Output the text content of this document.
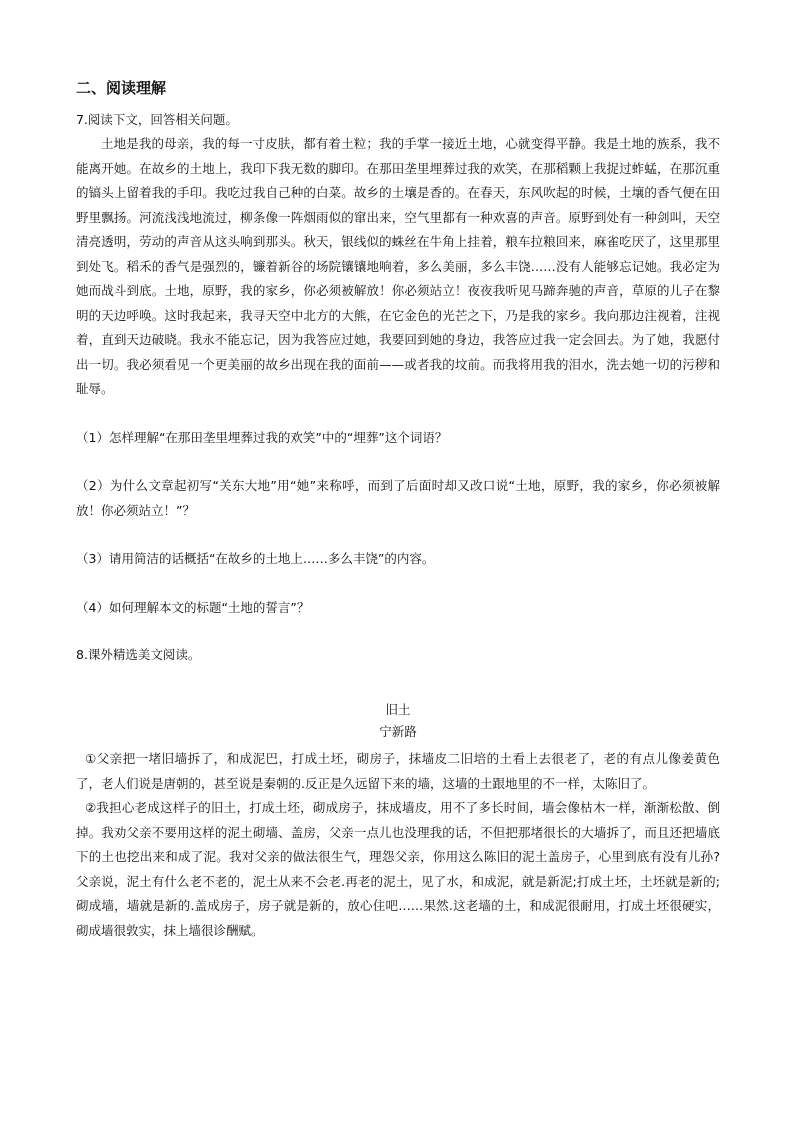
二、阅读理解
7.阅读下文，回答相关问题。

土地是我的母亲，我的每一寸皮肤，都有着土粒；我的手掌一接近土地，心就变得平静。我是土地的族系，我不能离开她。在故乡的土地上，我印下我无数的脚印。在那田垄里埋葬过我的欢笑，在那稻颗上我捉过蚱蜢，在那沉重的镐头上留着我的手印。我吃过我自己种的白菜。故乡的土壤是香的。在春天，东风吹起的时候，土壤的香气便在田野里飘扬。河流浅浅地流过，柳条像一阵烟雨似的窜出来，空气里都有一种欢喜的声音。原野到处有一种剑叫，天空清亮透明，劳动的声音从这头响到那头。秋天，银线似的蛛丝在牛角上挂着，粮车拉粮回来，麻雀吃厌了，这里那里到处飞。稻禾的香气是强烈的，镰着新谷的场院镶镶地响着，多么美丽，多么丰饶……没有人能够忘记她。我必定为她而战斗到底。土地，原野，我的家乡，你必须被解放！你必须站立！夜夜我听见马蹄奔驰的声音，草原的儿子在黎明的天边呼唤。这时我起来，我寻天空中北方的大熊，在它金色的光芒之下，乃是我的家乡。我向那边注视着，注视着，直到天边破晓。我永不能忘记，因为我答应过她，我要回到她的身边，我答应过我一定会回去。为了她，我愿付出一切。我必须看见一个更美丽的故乡出现在我的面前——或者我的坟前。而我将用我的泪水，洗去她一切的污秽和耻辱。

（1）怎样理解“在那田垄里埋葬过我的欢笑”中的“埋葬”这个词语？

（2）为什么文章起初写“关东大地”用“她”来称呼，而到了后面时却又改口说“土地，原野，我的家乡，你必须被解放！你必须站立！”？

（3）请用简洁的话概括“在故乡的土地上……多么丰饶”的内容。

（4）如何理解本文的标题“土地的誓言”？

8.课外精选美文阅读。
旧土
宁新路

①父亲把一堵旧墙拆了，和成泥巴，打成土坯，砌房子，抹墙皮二旧培的土看上去很老了，老的有点儿像姜黄色了，老人们说是唐朝的，甚至说是秦朝的.反正是久远留下来的墙，这墙的土跟地里的不一样，太陈旧了。

②我担心老成这样子的旧土，打成土坯，砌成房子，抹成墙皮，用不了多长时间，墙会像枯木一样，渐渐松散、倒掉。我劝父亲不要用这样的泥土砌墙、盖房，父亲一点儿也没理我的话，不但把那堵很长的大墙拆了，而且还把墙底下的土也挖出来和成了泥。我对父亲的做法很生气，理怨父亲，你用这么陈旧的泥土盖房子，心里到底有没有儿孙?父亲说，泥土有什么老不老的，泥土从来不会老.再老的泥土，见了水，和成泥，就是新泥;打成土坯，土坯就是新的;砌成墙，墙就是新的.盖成房子，房子就是新的，放心住吧……果然.这老墙的土，和成泥很耐用，打成土坯很硬实，砌成墙很敦实，抹上墙很诊酬赋。
